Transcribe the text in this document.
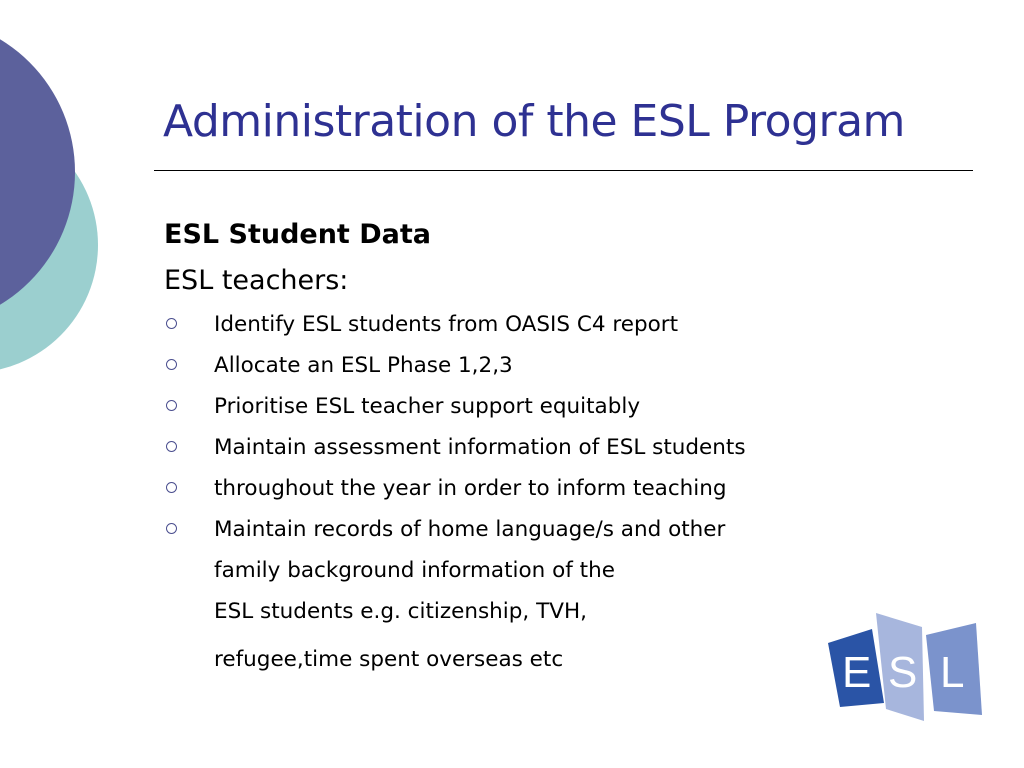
Administration of the ESL Program
ESL Student Data
ESL teachers:
Identify ESL students from OASIS C4 report
Allocate an ESL Phase 1,2,3
Prioritise ESL teacher support equitably
Maintain assessment information of ESL students
throughout the year in order to inform teaching
Maintain records of home language/s and other
family background information of the
ESL students e.g. citizenship, TVH,
refugee,time spent overseas etc	E S L
